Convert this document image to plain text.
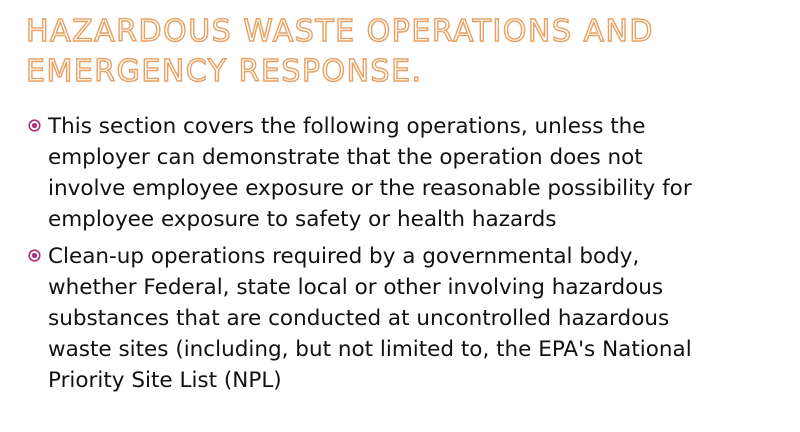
HAZARDOUS WASTE OPERATIONS AND
EMERGENCY RESPONSE.
This section covers the following operations, unless the
employer can demonstrate that the operation does not
involve employee exposure or the reasonable possibility for
employee exposure to safety or health hazards
Clean-up operations required by a governmental body,
whether Federal, state local or other involving hazardous
substances that are conducted at uncontrolled hazardous
waste sites (including, but not limited to, the EPA's National
Priority Site List (NPL)
